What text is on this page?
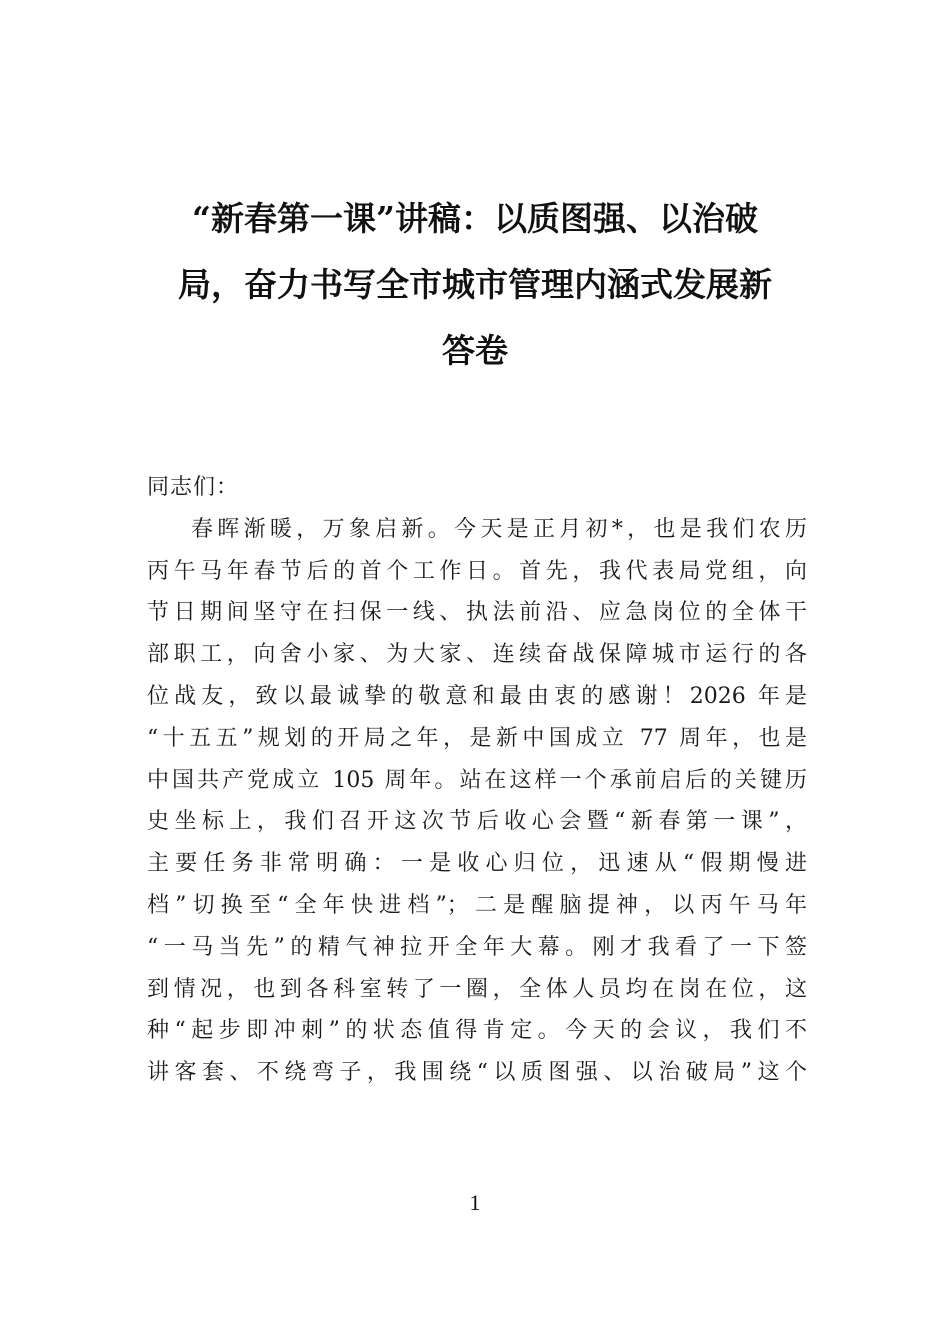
“新春第一课”讲稿：以质图强、以治破
局，奋力书写全市城市管理内涵式发展新
答卷

同志们：

春晖渐暖，万象启新。今天是正月初*，也是我们农历
丙午马年春节后的首个工作日。首先，我代表局党组，向
节日期间坚守在扫保一线、执法前沿、应急岗位的全体干
部职工，向舍小家、为大家、连续奋战保障城市运行的各
位战友，致以最诚挚的敬意和最由衷的感谢！2026 年是
“十五五”规划的开局之年，是新中国成立 77 周年，也是
中国共产党成立 105 周年。站在这样一个承前启后的关键历
史坐标上，我们召开这次节后收心会暨“新春第一课”，
主要任务非常明确：一是收心归位，迅速从“假期慢进
档”切换至“全年快进档”；二是醒脑提神，以丙午马年
“一马当先”的精气神拉开全年大幕。刚才我看了一下签
到情况，也到各科室转了一圈，全体人员均在岗在位，这
种“起步即冲刺”的状态值得肯定。今天的会议，我们不
讲客套、不绕弯子，我围绕“以质图强、以治破局”这个

1
